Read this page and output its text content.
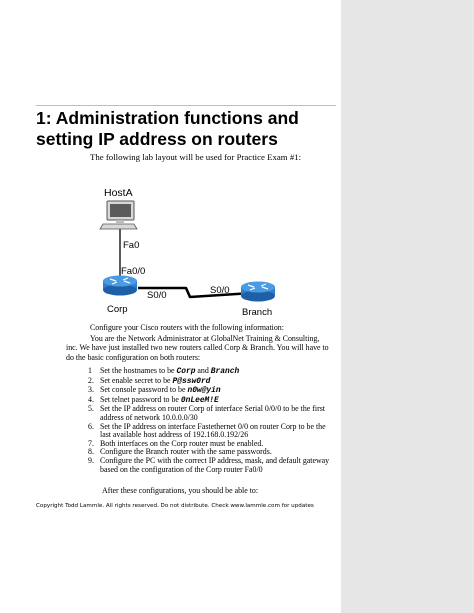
1: Administration functions and
setting IP address on routers
The following lab layout will be used for Practice Exam #1:
HostA
Fa0
Fa0/0
S0/0	S0/0
Corp	Branch
Configure your Cisco routers with the following information:
You are the Network Administrator at GlobalNet Training & Consulting, inc. We have just installed two new routers called Corp & Branch. You will have to do the basic configuration on both routers:
1	Set the hostnames to be Corp and Branch
2. Set enable secret to be P@ssw0rd
3. Set console password to be n0w@yin
4. Set telnet password to be 0nLeeM!E
5. Set the IP address on router Corp of interface Serial 0/0/0 to be the first address of network 10.0.0.0/30
6. Set the IP address on interface Fastethernet 0/0 on router Corp to be the last available host address of 192.168.0.192/26
7. Both interfaces on the Corp router must be enabled.
8. Configure the Branch router with the same passwords.
9. Configure the PC with the correct IP address, mask, and default gateway based on the configuration of the Corp router Fa0/0
After these configurations, you should be able to:
Copyright Todd Lammle. All rights reserved. Do not distribute. Check www.lammle.com for updates
